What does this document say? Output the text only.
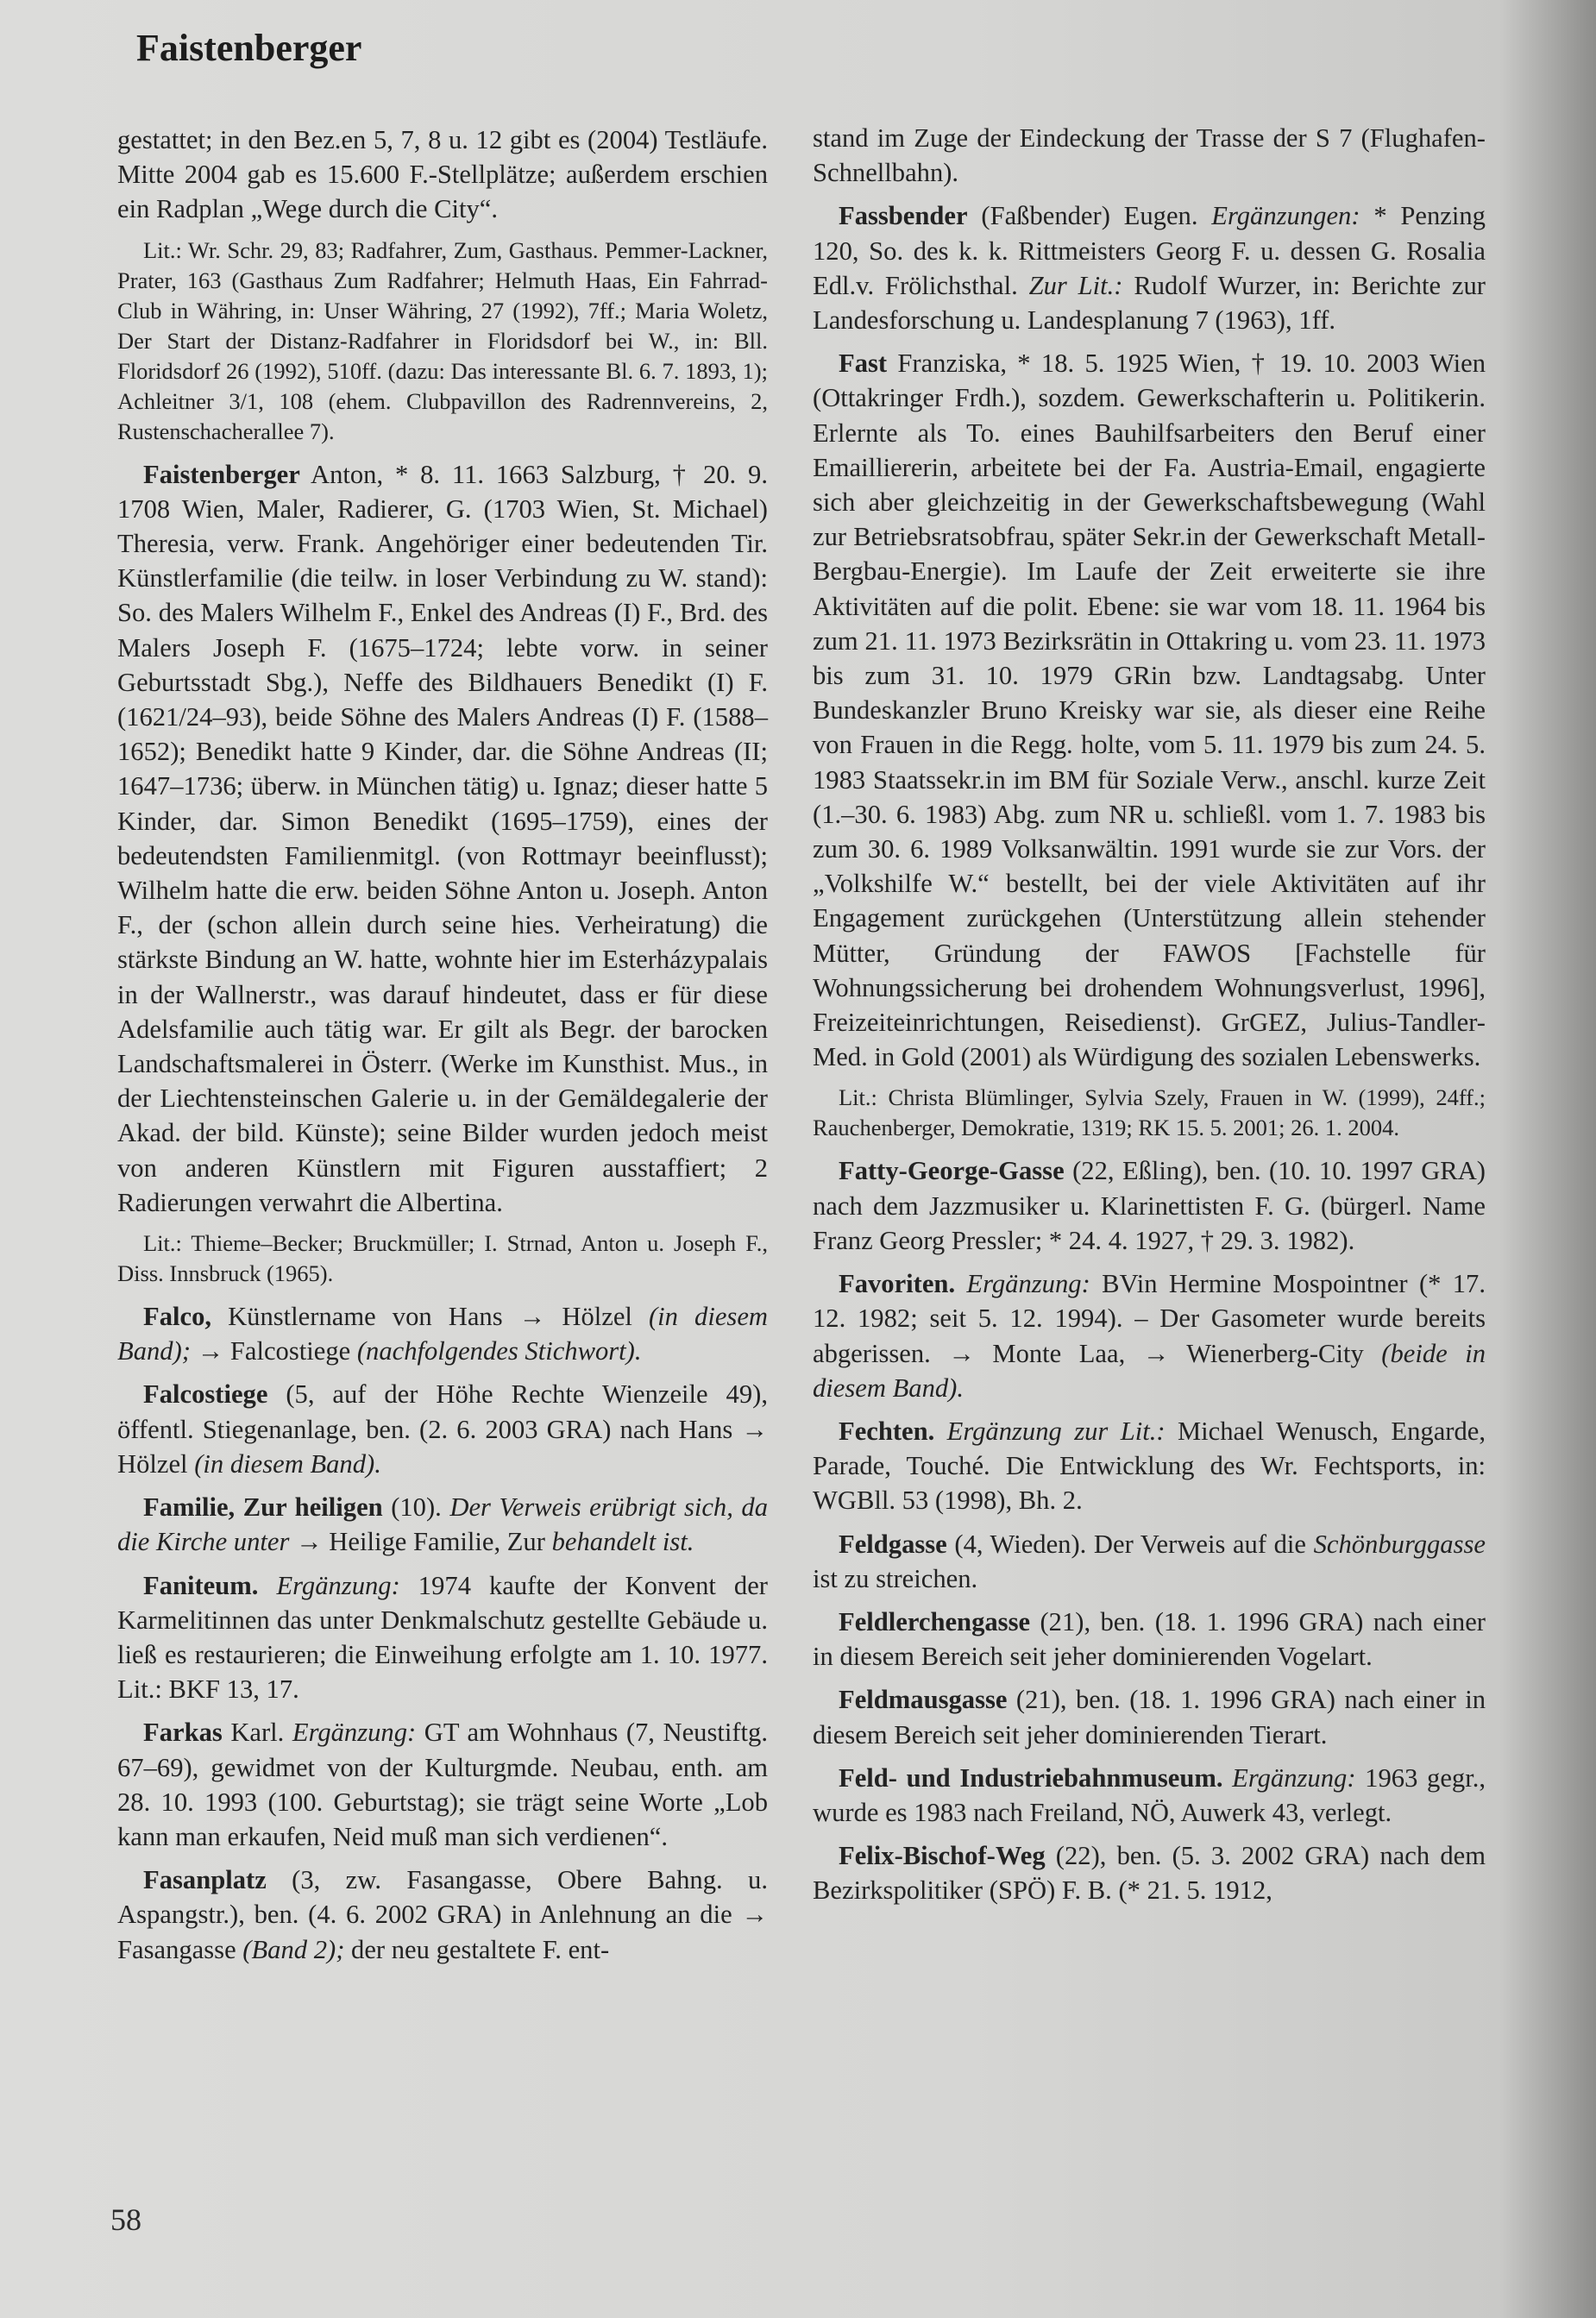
Faistenberger

gestattet; in den Bez.en 5, 7, 8 u. 12 gibt es (2004) Testläufe. Mitte 2004 gab es 15.600 F.-Stellplätze; außerdem erschien ein Radplan „Wege durch die City“.

Lit.: Wr. Schr. 29, 83; Radfahrer, Zum, Gasthaus. Pemmer-Lackner, Prater, 163 (Gasthaus Zum Radfahrer; Helmuth Haas, Ein Fahrrad-Club in Währing, in: Unser Währing, 27 (1992), 7ff.; Maria Woletz, Der Start der Distanz-Radfahrer in Floridsdorf bei W., in: Bll. Floridsdorf 26 (1992), 510ff. (dazu: Das interessante Bl. 6. 7. 1893, 1); Achleitner 3/1, 108 (ehem. Clubpavillon des Radrennvereins, 2, Rustenschacherallee 7).

Faistenberger Anton, * 8. 11. 1663 Salzburg, † 20. 9. 1708 Wien, Maler, Radierer, G. (1703 Wien, St. Michael) Theresia, verw. Frank. Angehöriger einer bedeutenden Tir. Künstlerfamilie (die teilw. in loser Verbindung zu W. stand): So. des Malers Wilhelm F., Enkel des Andreas (I) F., Brd. des Malers Joseph F. (1675–1724; lebte vorw. in seiner Geburtsstadt Sbg.), Neffe des Bildhauers Benedikt (I) F. (1621/24–93), beide Söhne des Malers Andreas (I) F. (1588–1652); Benedikt hatte 9 Kinder, dar. die Söhne Andreas (II; 1647–1736; überw. in München tätig) u. Ignaz; dieser hatte 5 Kinder, dar. Simon Benedikt (1695–1759), eines der bedeutendsten Familienmitgl. (von Rottmayr beeinflusst); Wilhelm hatte die erw. beiden Söhne Anton u. Joseph. Anton F., der (schon allein durch seine hies. Verheiratung) die stärkste Bindung an W. hatte, wohnte hier im Esterházypalais in der Wallnerstr., was darauf hindeutet, dass er für diese Adelsfamilie auch tätig war. Er gilt als Begr. der barocken Landschaftsmalerei in Österr. (Werke im Kunsthist. Mus., in der Liechtensteinschen Galerie u. in der Gemäldegalerie der Akad. der bild. Künste); seine Bilder wurden jedoch meist von anderen Künstlern mit Figuren ausstaffiert; 2 Radierungen verwahrt die Albertina.

Lit.: Thieme–Becker; Bruckmüller; I. Strnad, Anton u. Joseph F., Diss. Innsbruck (1965).

Falco, Künstlername von Hans → Hölzel (in diesem Band); → Falcostiege (nachfolgendes Stichwort).

Falcostiege (5, auf der Höhe Rechte Wienzeile 49), öffentl. Stiegenanlage, ben. (2. 6. 2003 GRA) nach Hans → Hölzel (in diesem Band).

Familie, Zur heiligen (10). Der Verweis erübrigt sich, da die Kirche unter → Heilige Familie, Zur behandelt ist.

Faniteum. Ergänzung: 1974 kaufte der Konvent der Karmelitinnen das unter Denkmalschutz gestellte Gebäude u. ließ es restaurieren; die Einweihung erfolgte am 1. 10. 1977. Lit.: BKF 13, 17.

Farkas Karl. Ergänzung: GT am Wohnhaus (7, Neustiftg. 67–69), gewidmet von der Kulturgmde. Neubau, enth. am 28. 10. 1993 (100. Geburtstag); sie trägt seine Worte „Lob kann man erkaufen, Neid muß man sich verdienen“.

Fasanplatz (3, zw. Fasangasse, Obere Bahng. u. Aspangstr.), ben. (4. 6. 2002 GRA) in Anlehnung an die → Fasangasse (Band 2); der neu gestaltete F. ent-

stand im Zuge der Eindeckung der Trasse der S 7 (Flughafen-Schnellbahn).

Fassbender (Faßbender) Eugen. Ergänzungen: * Penzing 120, So. des k. k. Rittmeisters Georg F. u. dessen G. Rosalia Edl.v. Frölichsthal. Zur Lit.: Rudolf Wurzer, in: Berichte zur Landesforschung u. Landesplanung 7 (1963), 1ff.

Fast Franziska, * 18. 5. 1925 Wien, † 19. 10. 2003 Wien (Ottakringer Frdh.), sozdem. Gewerkschafterin u. Politikerin. Erlernte als To. eines Bauhilfsarbeiters den Beruf einer Emailliererin, arbeitete bei der Fa. Austria-Email, engagierte sich aber gleichzeitig in der Gewerkschaftsbewegung (Wahl zur Betriebsratsobfrau, später Sekr.in der Gewerkschaft Metall-Bergbau-Energie). Im Laufe der Zeit erweiterte sie ihre Aktivitäten auf die polit. Ebene: sie war vom 18. 11. 1964 bis zum 21. 11. 1973 Bezirksrätin in Ottakring u. vom 23. 11. 1973 bis zum 31. 10. 1979 GRin bzw. Landtagsabg. Unter Bundeskanzler Bruno Kreisky war sie, als dieser eine Reihe von Frauen in die Regg. holte, vom 5. 11. 1979 bis zum 24. 5. 1983 Staatssekr.in im BM für Soziale Verw., anschl. kurze Zeit (1.–30. 6. 1983) Abg. zum NR u. schließl. vom 1. 7. 1983 bis zum 30. 6. 1989 Volksanwältin. 1991 wurde sie zur Vors. der „Volkshilfe W.“ bestellt, bei der viele Aktivitäten auf ihr Engagement zurückgehen (Unterstützung allein stehender Mütter, Gründung der FAWOS [Fachstelle für Wohnungssicherung bei drohendem Wohnungsverlust, 1996], Freizeiteinrichtungen, Reisedienst). GrGEZ, Julius-Tandler-Med. in Gold (2001) als Würdigung des sozialen Lebenswerks.

Lit.: Christa Blümlinger, Sylvia Szely, Frauen in W. (1999), 24ff.; Rauchenberger, Demokratie, 1319; RK 15. 5. 2001; 26. 1. 2004.

Fatty-George-Gasse (22, Eßling), ben. (10. 10. 1997 GRA) nach dem Jazzmusiker u. Klarinettisten F. G. (bürgerl. Name Franz Georg Pressler; * 24. 4. 1927, † 29. 3. 1982).

Favoriten. Ergänzung: BVin Hermine Mospointner (* 17. 12. 1982; seit 5. 12. 1994). – Der Gasometer wurde bereits abgerissen. → Monte Laa, → Wienerberg-City (beide in diesem Band).

Fechten. Ergänzung zur Lit.: Michael Wenusch, Engarde, Parade, Touché. Die Entwicklung des Wr. Fechtsports, in: WGBll. 53 (1998), Bh. 2.

Feldgasse (4, Wieden). Der Verweis auf die Schönburggasse ist zu streichen.

Feldlerchengasse (21), ben. (18. 1. 1996 GRA) nach einer in diesem Bereich seit jeher dominierenden Vogelart.

Feldmausgasse (21), ben. (18. 1. 1996 GRA) nach einer in diesem Bereich seit jeher dominierenden Tierart.

Feld- und Industriebahnmuseum. Ergänzung: 1963 gegr., wurde es 1983 nach Freiland, NÖ, Auwerk 43, verlegt.

Felix-Bischof-Weg (22), ben. (5. 3. 2002 GRA) nach dem Bezirkspolitiker (SPÖ) F. B. (* 21. 5. 1912,

58
